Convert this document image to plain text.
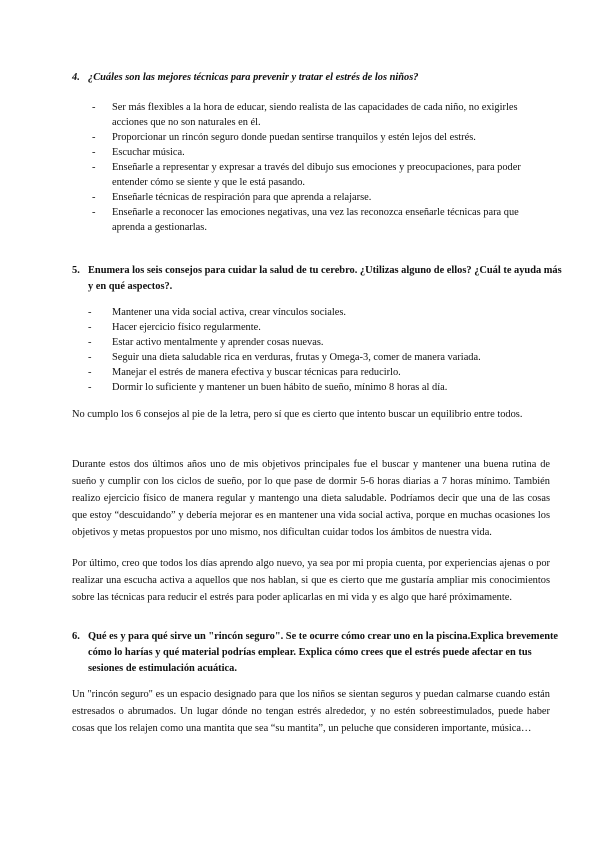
4. ¿Cuáles son las mejores técnicas para prevenir y tratar el estrés de los niños?
- Ser más flexibles a la hora de educar, siendo realista de las capacidades de cada niño, no exigirles acciones que no son naturales en él.
- Proporcionar un rincón seguro donde puedan sentirse tranquilos y estén lejos del estrés.
- Escuchar música.
- Enseñarle a representar y expresar a través del dibujo sus emociones y preocupaciones, para poder entender cómo se siente y que le está pasando.
- Enseñarle técnicas de respiración para que aprenda a relajarse.
- Enseñarle a reconocer las emociones negativas, una vez las reconozca enseñarle técnicas para que aprenda a gestionarlas.
5. Enumera los seis consejos para cuidar la salud de tu cerebro. ¿Utilizas alguno de ellos? ¿Cuál te ayuda más y en qué aspectos?.
- Mantener una vida social activa, crear vínculos sociales.
- Hacer ejercicio físico regularmente.
- Estar activo mentalmente y aprender cosas nuevas.
- Seguir una dieta saludable rica en verduras, frutas y Omega-3, comer de manera variada.
- Manejar el estrés de manera efectiva y buscar técnicas para reducirlo.
- Dormir lo suficiente y mantener un buen hábito de sueño, mínimo 8 horas al día.

No cumplo los 6 consejos al pie de la letra, pero sí que es cierto que intento buscar un equilibrio entre todos.

Durante estos dos últimos años uno de mis objetivos principales fue el buscar y mantener una buena rutina de sueño y cumplir con los ciclos de sueño, por lo que pase de dormir 5-6 horas diarias a 7 horas mínimo. También realizo ejercicio físico de manera regular y mantengo una dieta saludable. Podríamos decir que una de las cosas que estoy “descuidando” y debería mejorar es en mantener una vida social activa, porque en muchas ocasiones los objetivos y metas propuestos por uno mismo, nos dificultan cuidar todos los ámbitos de nuestra vida.

Por último, creo que todos los días aprendo algo nuevo, ya sea por mi propia cuenta, por experiencias ajenas o por realizar una escucha activa a aquellos que nos hablan, si que es cierto que me gustaría ampliar mis conocimientos sobre las técnicas para reducir el estrés para poder aplicarlas en mi vida y es algo que haré próximamente.

6. Qué es y para qué sirve un "rincón seguro". Se te ocurre cómo crear uno en la piscina.Explica brevemente cómo lo harías y qué material podrías emplear. Explica cómo crees que el estrés puede afectar en tus sesiones de estimulación acuática.

Un "rincón seguro" es un espacio designado para que los niños se sientan seguros y puedan calmarse cuando están estresados o abrumados. Un lugar dónde no tengan estrés alrededor, y no estén sobreestimulados, puede haber cosas que los relajen como una mantita que sea “su mantita”, un peluche que consideren importante, música…
